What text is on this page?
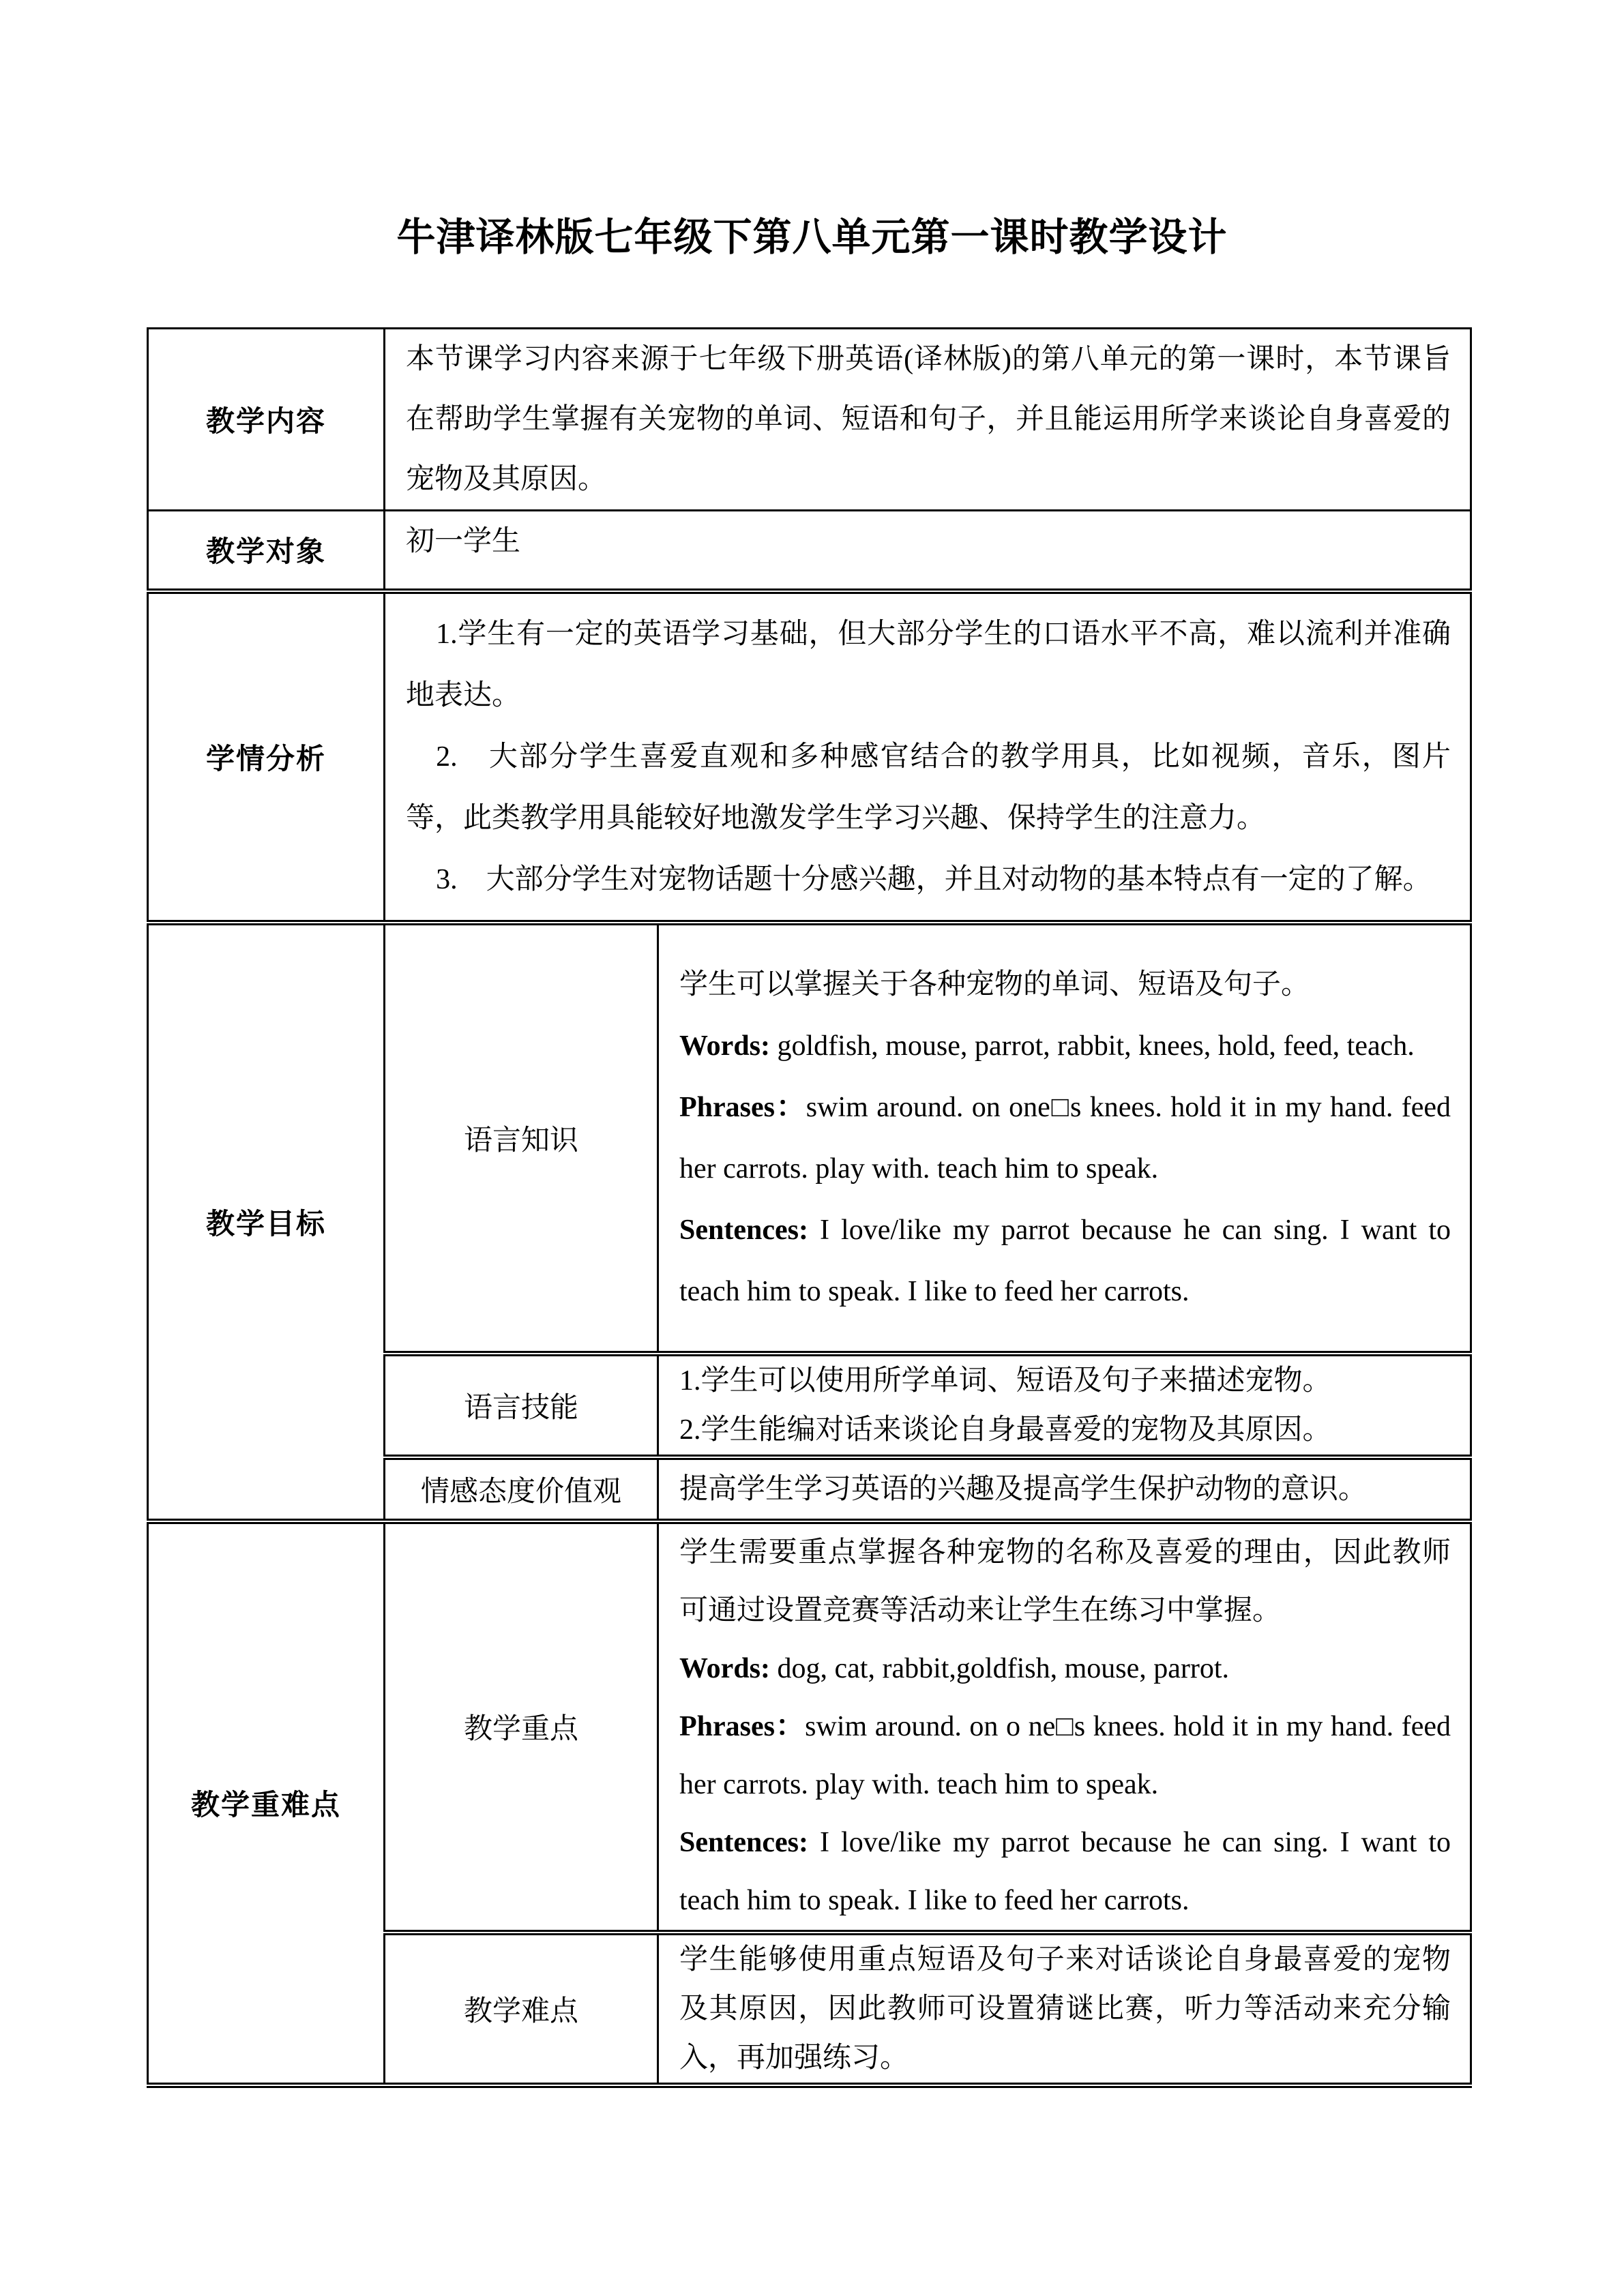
牛津译林版七年级下第八单元第一课时教学设计
教学内容	本节课学习内容来源于七年级下册英语(译林版)的第八单元的第一课时，本节课旨在帮助学生掌握有关宠物的单词、短语和句子，并且能运用所学来谈论自身喜爱的宠物及其原因。	

教学对象	初一学生	

学情分析	1.学生有一定的英语学习基础，但大部分学生的口语水平不高，难以流利并准确地表达。

2.　大部分学生喜爱直观和多种感官结合的教学用具，比如视频，音乐，图片等，此类教学用具能较好地激发学生学习兴趣、保持学生的注意力。

3.　大部分学生对宠物话题十分感兴趣，并且对动物的基本特点有一定的了解。	

教学目标	语言知识	学生可以掌握关于各种宠物的单词、短语及句子。

Words: goldfish, mouse, parrot, rabbit, knees, hold, feed, teach.

Phrases：swim around. on one□s knees. hold it in my hand. feed her carrots. play with. teach him to speak.

Sentences: I love/like my parrot because he can sing. I want to teach him to speak. I like to feed her carrots.

	语言技能	1.学生可以使用所学单词、短语及句子来描述宠物。

2.学生能编对话来谈论自身最喜爱的宠物及其原因。

	情感态度价值观	提高学生学习英语的兴趣及提高学生保护动物的意识。

教学重难点	教学重点	学生需要重点掌握各种宠物的名称及喜爱的理由，因此教师可通过设置竞赛等活动来让学生在练习中掌握。

Words: dog, cat, rabbit,goldfish, mouse, parrot.

Phrases：swim around. on o ne□s knees. hold it in my hand. feed her carrots. play with. teach him to speak.

Sentences: I love/like my parrot because he can sing. I want to teach him to speak. I like to feed her carrots.

	教学难点	学生能够使用重点短语及句子来对话谈论自身最喜爱的宠物及其原因，因此教师可设置猜谜比赛，听力等活动来充分输入，再加强练习。
